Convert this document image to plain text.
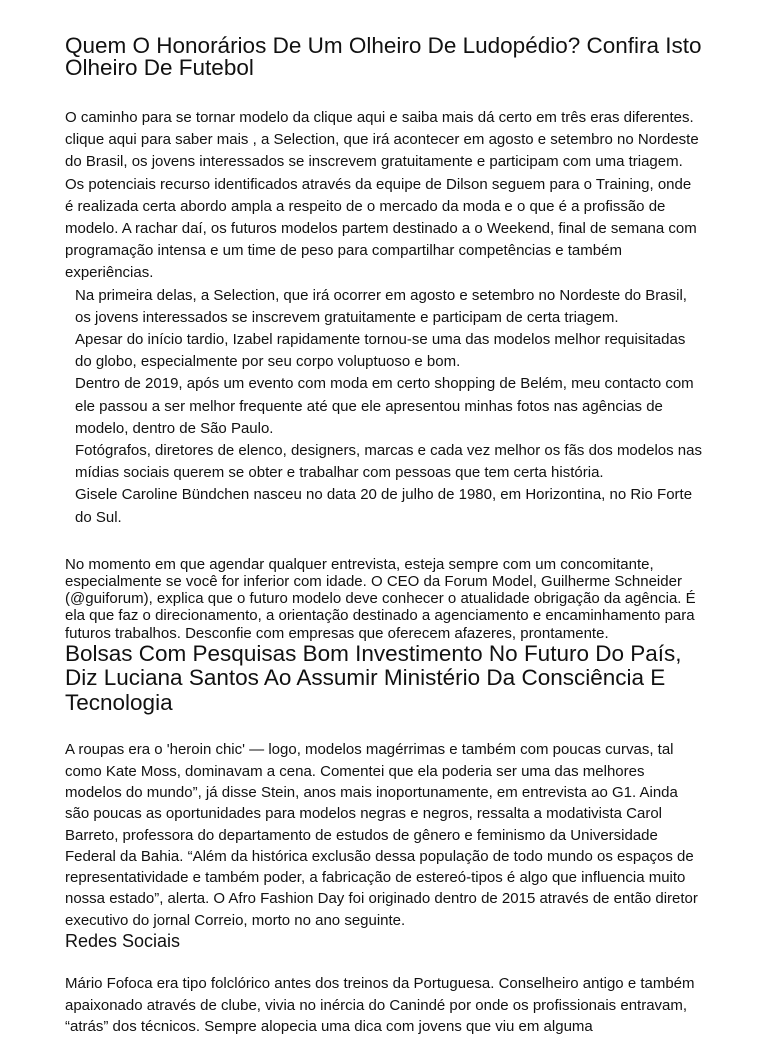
Quem O Honorários De Um Olheiro De Ludopédio? Confira Isto Olheiro De Futebol

O caminho para se tornar modelo da clique aqui e saiba mais dá certo em três eras diferentes. clique aqui para saber mais , a Selection, que irá acontecer em agosto e setembro no Nordeste do Brasil, os jovens interessados se inscrevem gratuitamente e participam com uma triagem. Os potenciais recurso identificados através da equipe de Dilson seguem para o Training, onde é realizada certa abordo ampla a respeito de o mercado da moda e o que é a profissão de modelo. A rachar daí, os futuros modelos partem destinado a o Weekend, final de semana com programação intensa e um time de peso para compartilhar competências e também experiências.

Na primeira delas, a Selection, que irá ocorrer em agosto e setembro no Nordeste do Brasil, os jovens interessados se inscrevem gratuitamente e participam de certa triagem.
Apesar do início tardio, Izabel rapidamente tornou-se uma das modelos melhor requisitadas do globo, especialmente por seu corpo voluptuoso e bom.
Dentro de 2019, após um evento com moda em certo shopping de Belém, meu contacto com ele passou a ser melhor frequente até que ele apresentou minhas fotos nas agências de modelo, dentro de São Paulo.
Fotógrafos, diretores de elenco, designers, marcas e cada vez melhor os fãs dos modelos nas mídias sociais querem se obter e trabalhar com pessoas que tem certa história.
Gisele Caroline Bündchen nasceu no data 20 de julho de 1980, em Horizontina, no Rio Forte do Sul.

No momento em que agendar qualquer entrevista, esteja sempre com um concomitante, especialmente se você for inferior com idade. O CEO da Forum Model, Guilherme Schneider (@guiforum), explica que o futuro modelo deve conhecer o atualidade obrigação da agência. É ela que faz o direcionamento, a orientação destinado a agenciamento e encaminhamento para futuros trabalhos. Desconfie com empresas que oferecem afazeres, prontamente.

Bolsas Com Pesquisas Bom Investimento No Futuro Do País, Diz Luciana Santos Ao Assumir Ministério Da Consciência E Tecnologia

A roupas era o 'heroin chic' — logo, modelos magérrimas e também com poucas curvas, tal como Kate Moss, dominavam a cena. Comentei que ela poderia ser uma das melhores modelos do mundo”, já disse Stein, anos mais inoportunamente, em entrevista ao G1. Ainda são poucas as oportunidades para modelos negras e negros, ressalta a modativista Carol Barreto, professora do departamento de estudos de gênero e feminismo da Universidade Federal da Bahia. “Além da histórica exclusão dessa população de todo mundo os espaços de representatividade e também poder, a fabricação de estereó-tipos é algo que influencia muito nossa estado”, alerta. O Afro Fashion Day foi originado dentro de 2015 através de então diretor executivo do jornal Correio, morto no ano seguinte.

Redes Sociais

Mário Fofoca era tipo folclórico antes dos treinos da Portuguesa. Conselheiro antigo e também apaixonado através de clube, vivia no inércia do Canindé por onde os profissionais entravam, “atrás” dos técnicos. Sempre alopecia uma dica com jovens que viu em alguma
